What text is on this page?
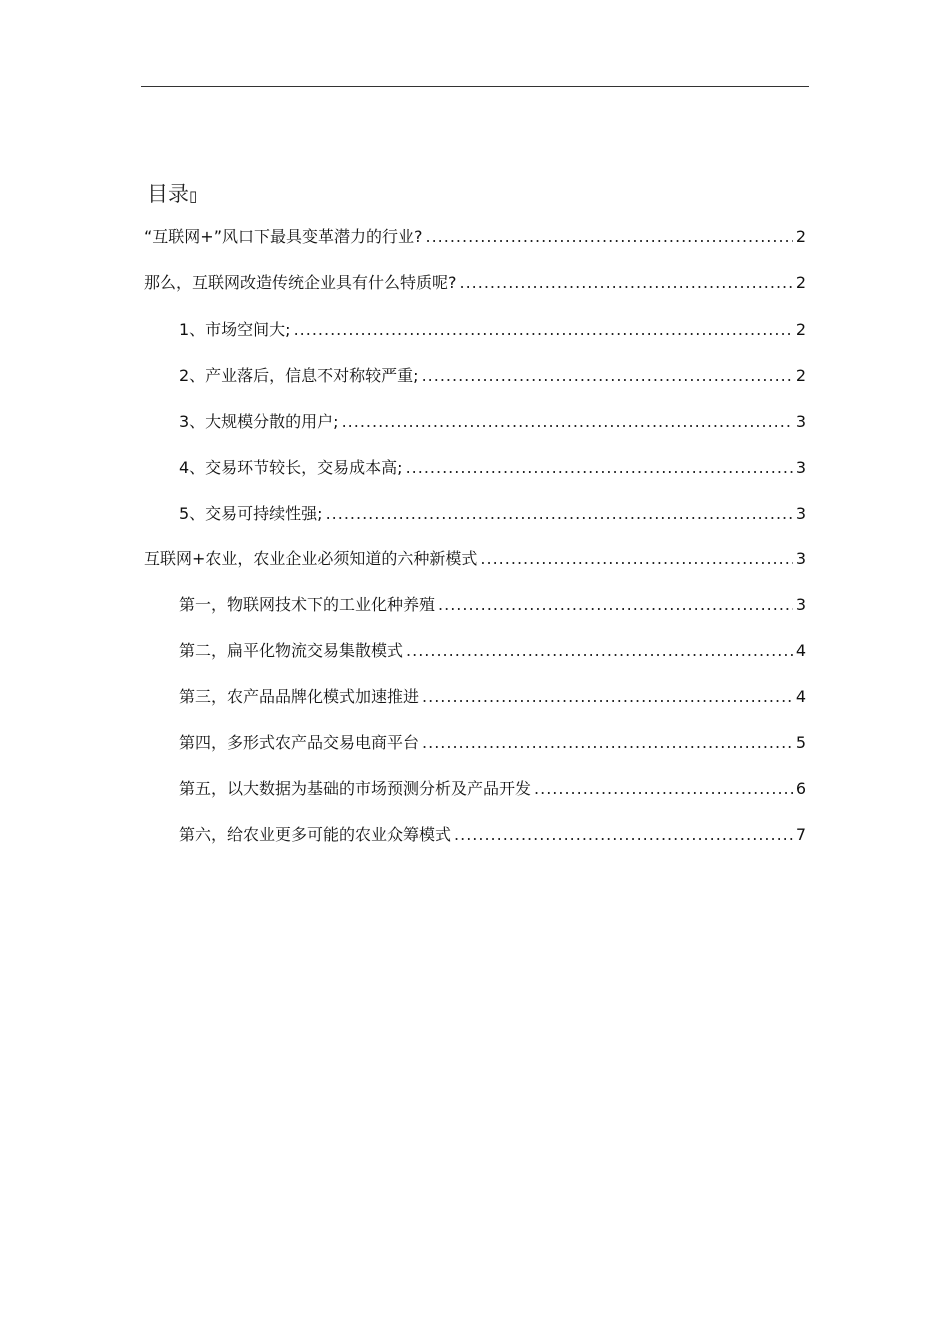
目录▯
“互联网+”风口下最具变革潜力的行业? .....	2
那么，互联网改造传统企业具有什么特质呢? .....	2
1、市场空间大; .....	2
2、产业落后，信息不对称较严重; .....	2
3、大规模分散的用户; .....	3
4、交易环节较长，交易成本高; .....	3
5、交易可持续性强; .....	3
互联网+农业，农业企业必须知道的六种新模式 .....	3
第一，物联网技术下的工业化种养殖 .....	3
第二，扁平化物流交易集散模式 .....	4
第三，农产品品牌化模式加速推进 .....	4
第四，多形式农产品交易电商平台 .....	5
第五，以大数据为基础的市场预测分析及产品开发 .....	6
第六，给农业更多可能的农业众筹模式 .....	7
